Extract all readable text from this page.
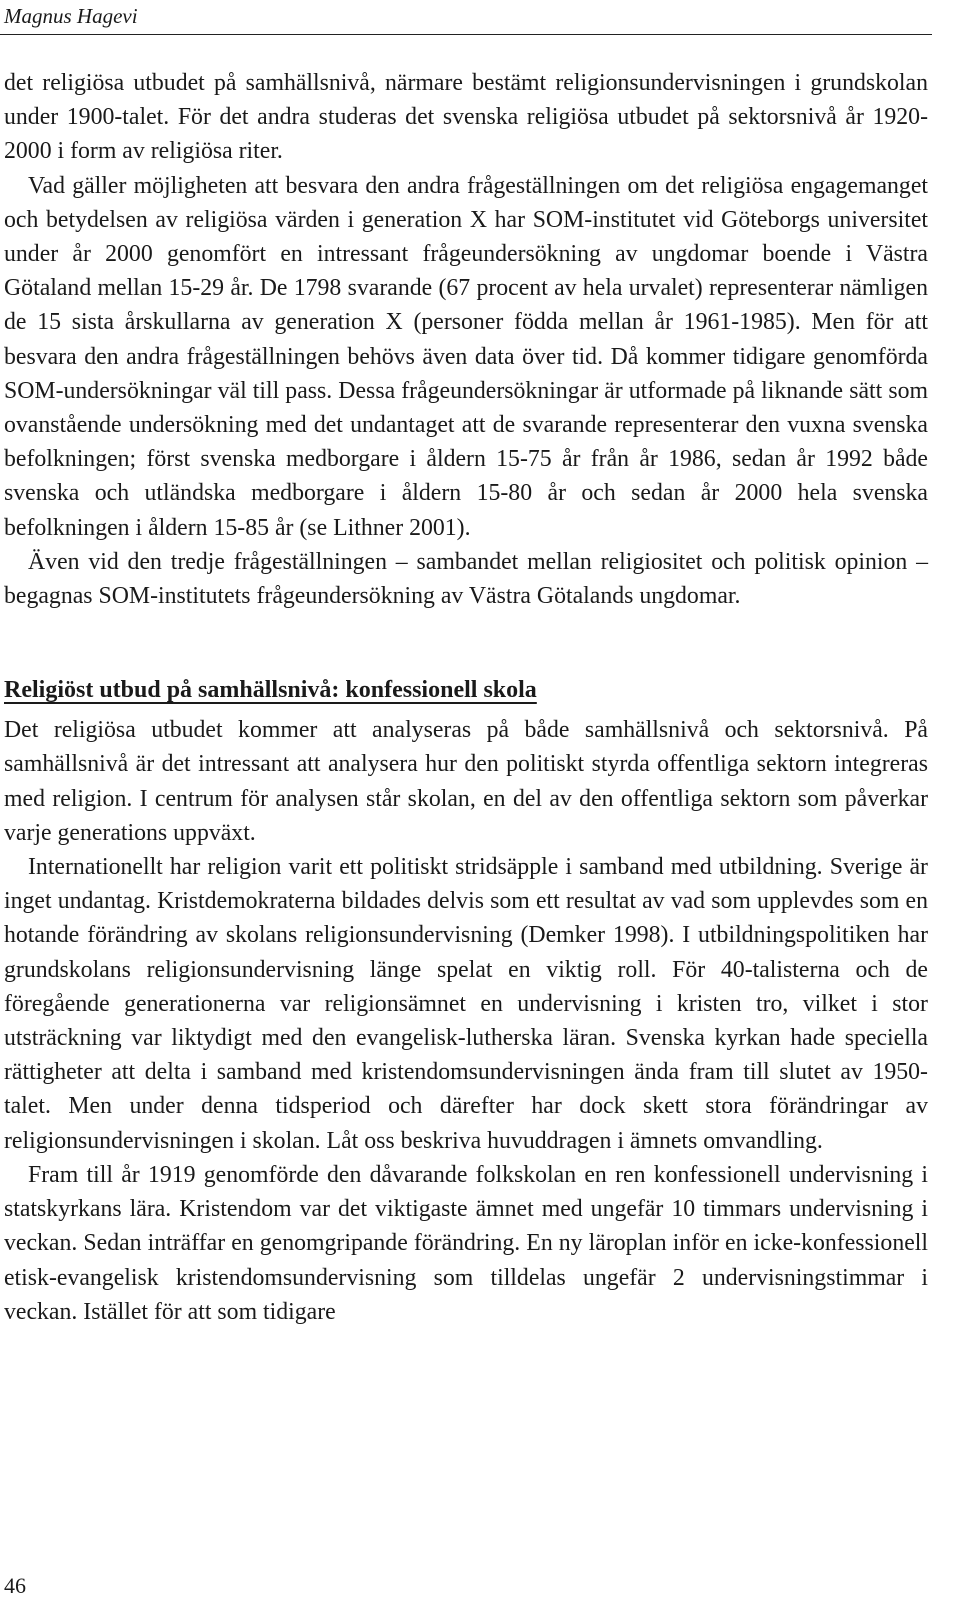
Magnus Hagevi

det religiösa utbudet på samhällsnivå, närmare bestämt religionsundervisningen i grundskolan under 1900-talet. För det andra studeras det svenska religiösa utbudet på sektorsnivå år 1920-2000 i form av religiösa riter.

Vad gäller möjligheten att besvara den andra frågeställningen om det religiösa engagemanget och betydelsen av religiösa värden i generation X har SOM-institutet vid Göteborgs universitet under år 2000 genomfört en intressant frågeundersökning av ungdomar boende i Västra Götaland mellan 15-29 år. De 1798 svarande (67 procent av hela urvalet) representerar nämligen de 15 sista årskullarna av generation X (personer födda mellan år 1961-1985). Men för att besvara den andra frågeställningen behövs även data över tid. Då kommer tidigare genomförda SOM-undersökningar väl till pass. Dessa frågeundersökningar är utformade på liknande sätt som ovanstående undersökning med det undantaget att de svarande representerar den vuxna svenska befolkningen; först svenska medborgare i åldern 15-75 år från år 1986, sedan år 1992 både svenska och utländska medborgare i åldern 15-80 år och sedan år 2000 hela svenska befolkningen i åldern 15-85 år (se Lithner 2001).

Även vid den tredje frågeställningen – sambandet mellan religiositet och politisk opinion – begagnas SOM-institutets frågeundersökning av Västra Götalands ungdomar.

Religiöst utbud på samhällsnivå: konfessionell skola

Det religiösa utbudet kommer att analyseras på både samhällsnivå och sektorsnivå. På samhällsnivå är det intressant att analysera hur den politiskt styrda offentliga sektorn integreras med religion. I centrum för analysen står skolan, en del av den offentliga sektorn som påverkar varje generations uppväxt.

Internationellt har religion varit ett politiskt stridsäpple i samband med utbildning. Sverige är inget undantag. Kristdemokraterna bildades delvis som ett resultat av vad som upplevdes som en hotande förändring av skolans religionsundervisning (Demker 1998). I utbildningspolitiken har grundskolans religionsundervisning länge spelat en viktig roll. För 40-talisterna och de föregående generationerna var religionsämnet en undervisning i kristen tro, vilket i stor utsträckning var liktydigt med den evangelisk-lutherska läran. Svenska kyrkan hade speciella rättigheter att delta i samband med kristendomsundervisningen ända fram till slutet av 1950-talet. Men under denna tidsperiod och därefter har dock skett stora förändringar av religionsundervisningen i skolan. Låt oss beskriva huvuddragen i ämnets omvandling.

Fram till år 1919 genomförde den dåvarande folkskolan en ren konfessionell undervisning i statskyrkans lära. Kristendom var det viktigaste ämnet med ungefär 10 timmars undervisning i veckan. Sedan inträffar en genomgripande förändring. En ny läroplan inför en icke-konfessionell etisk-evangelisk kristendomsundervisning som tilldelas ungefär 2 undervisningstimmar i veckan. Istället för att som tidigare

46
